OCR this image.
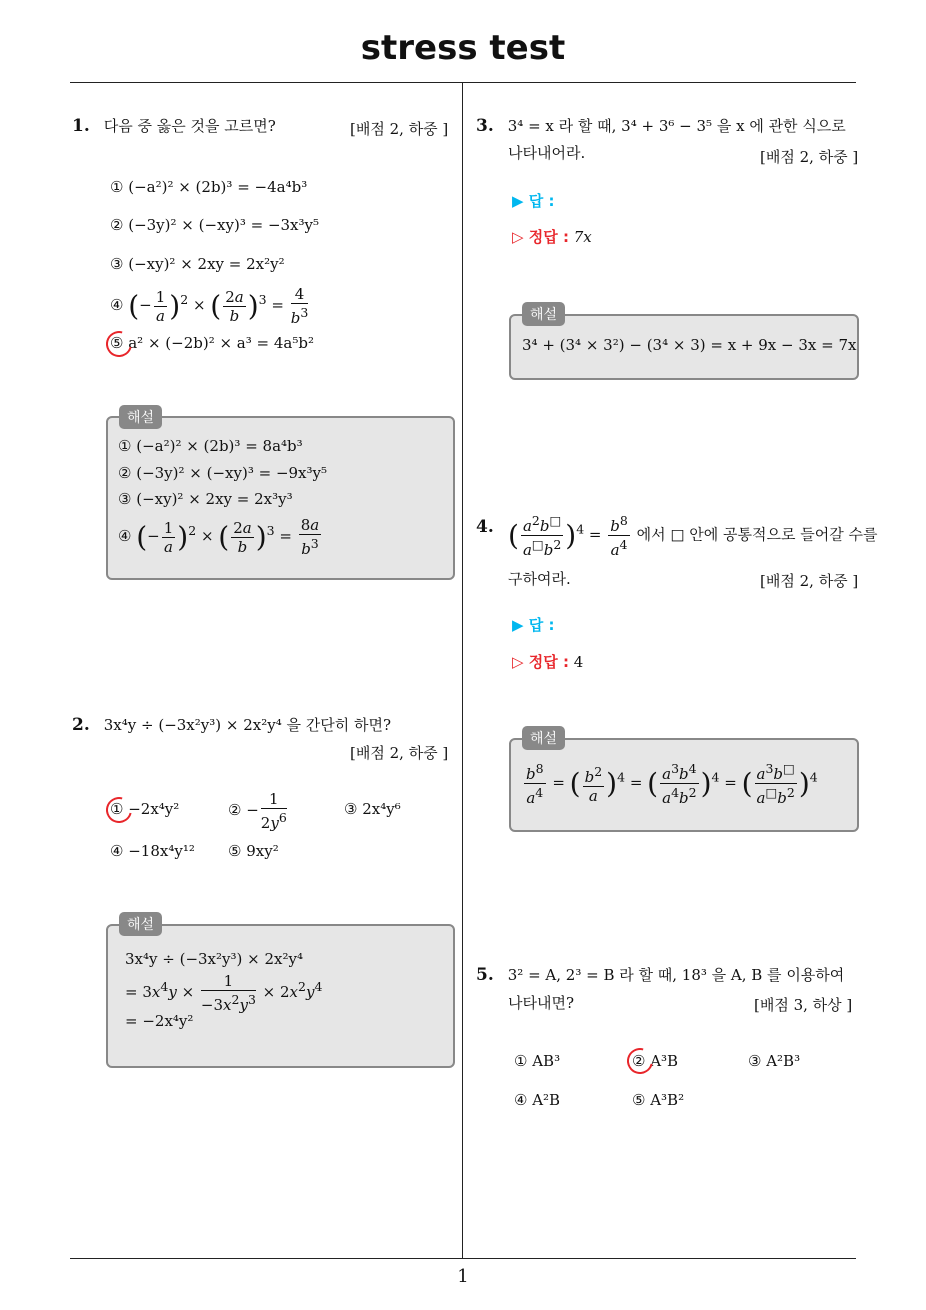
stress test
1
1. 다음 중 옳은 것을 고르면?	[배점 2, 하중 ]
① (−a²)² × (2b)³ = −4a⁴b³
② (−3y)² × (−xy)³ = −3x³y⁵
③ (−xy)² × 2xy = 2x²y²
④ (− $\frac{1}{a} )^2$ × ( $\frac{2a}{b} )^3 = \frac{4}{b^3}$
⑤ a² × (−2b)² × a³ = 4a⁵b²
해설
① (−a²)² × (2b)³ = 8a⁴b³
② (−3y)² × (−xy)³ = −9x³y⁵
③ (−xy)² × 2xy = 2x³y³
④ (− $\frac{1}{a} )^2$ × ( $\frac{2a}{b} )^3 = \frac{8a}{b^3}$
2. 3x⁴y ÷ (−3x²y³) × 2x²y⁴ 을 간단히 하면?
[배점 2, 하중 ]
① −2x⁴y²	② − $\frac{1}{2y^6}$	③ 2x⁴y⁶
④ −18x⁴y¹² ⑤ 9xy²
해설
3x⁴y ÷ (−3x²y³) × 2x²y⁴
= $3x^4y \times \frac{1}{-3x^2y^3} \times 2x^2y^4$
= −2x⁴y²
3. 3⁴ = x 라 할 때, 3⁴ + 3⁶ − 3⁵ 을 x 에 관한 식으로
나타내어라.	[배점 2, 하중 ]
▶ 답 :
▷ 정답 : 7x
해설
3⁴ + (3⁴ × 3²) − (3⁴ × 3) = x + 9x − 3x = 7x
4. ( $\frac{a^2b^□}{a^□b^2} )^4 = \frac{b^8}{a^4}$ 에서 □ 안에 공통적으로 들어갈 수를
구하여라.	[배점 2, 하중 ]
▶ 답 :
▷ 정답 : 4
해설
$\frac{b^8}{a^4}$ = ( $\frac{b^2}{a} )^4$ = ( $\frac{a^3b^4}{a^4b^2} )^4$ = ( $\frac{a^3b^□}{a^□b^2} )^4$
5. 3² = A, 2³ = B 라 할 때, 18³ 을 A, B 를 이용하여
나타내면?	[배점 3, 하상 ]
① AB³	② A³B	③ A²B³
④ A²B	⑤ A³B²
